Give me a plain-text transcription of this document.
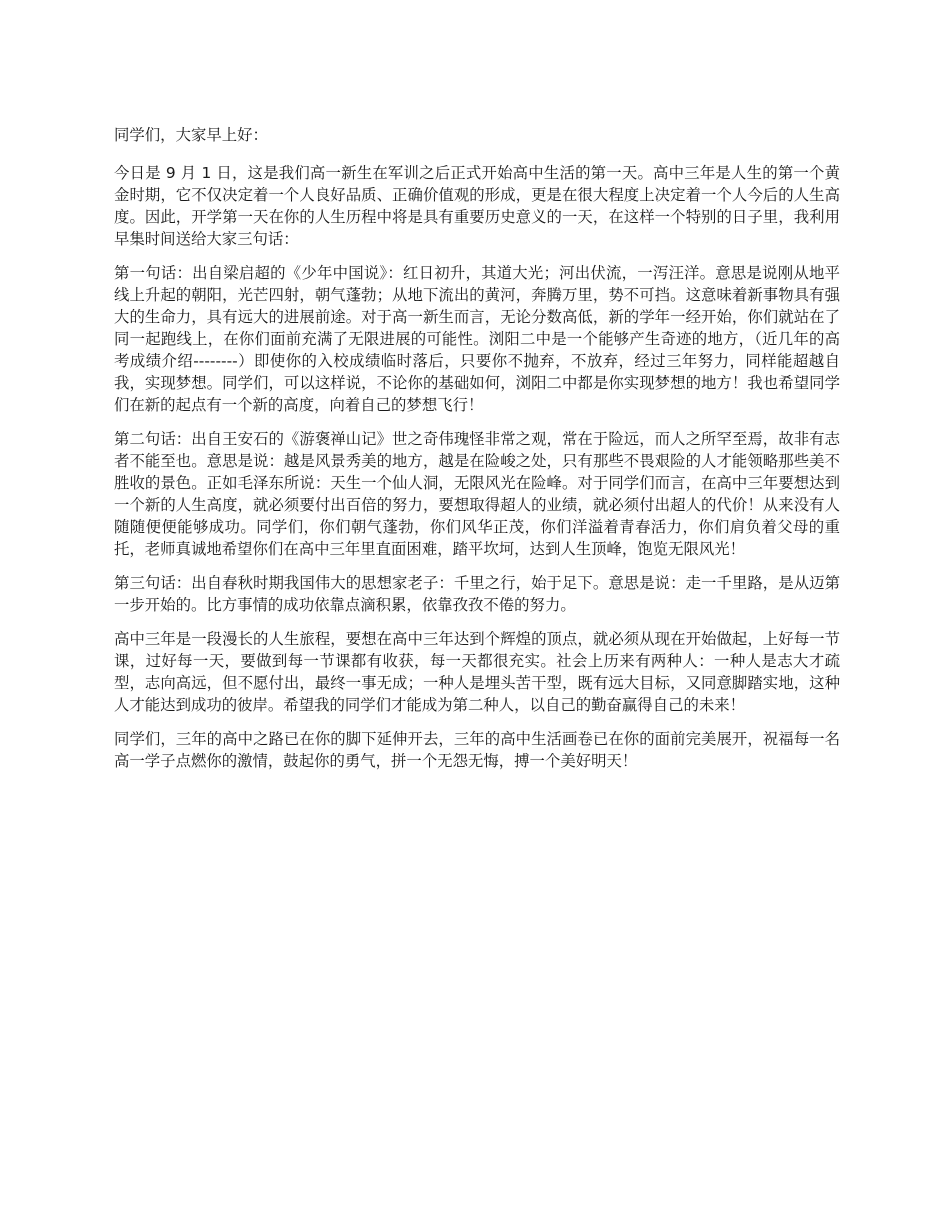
同学们，大家早上好：

今日是 9 月 1 日，这是我们高一新生在军训之后正式开始高中生活的第一天。高中三年是人生的第一个黄金时期，它不仅决定着一个人良好品质、正确价值观的形成，更是在很大程度上决定着一个人今后的人生高度。因此，开学第一天在你的人生历程中将是具有重要历史意义的一天，在这样一个特别的日子里，我利用早集时间送给大家三句话：

第一句话：出自梁启超的《少年中国说》：红日初升，其道大光；河出伏流，一泻汪洋。意思是说刚从地平线上升起的朝阳，光芒四射，朝气蓬勃；从地下流出的黄河，奔腾万里，势不可挡。这意味着新事物具有强大的生命力，具有远大的进展前途。对于高一新生而言，无论分数高低，新的学年一经开始，你们就站在了同一起跑线上，在你们面前充满了无限进展的可能性。浏阳二中是一个能够产生奇迹的地方，（近几年的高考成绩介绍--------）即使你的入校成绩临时落后，只要你不抛弃，不放弃，经过三年努力，同样能超越自我，实现梦想。同学们，可以这样说，不论你的基础如何，浏阳二中都是你实现梦想的地方！我也希望同学们在新的起点有一个新的高度，向着自己的梦想飞行！

第二句话：出自王安石的《游褒禅山记》世之奇伟瑰怪非常之观，常在于险远，而人之所罕至焉，故非有志者不能至也。意思是说：越是风景秀美的地方，越是在险峻之处，只有那些不畏艰险的人才能领略那些美不胜收的景色。正如毛泽东所说：天生一个仙人洞，无限风光在险峰。对于同学们而言，在高中三年要想达到一个新的人生高度，就必须要付出百倍的努力，要想取得超人的业绩，就必须付出超人的代价！从来没有人随随便便能够成功。同学们，你们朝气蓬勃，你们风华正茂，你们洋溢着青春活力，你们肩负着父母的重托，老师真诚地希望你们在高中三年里直面困难，踏平坎坷，达到人生顶峰，饱览无限风光！

第三句话：出自春秋时期我国伟大的思想家老子：千里之行，始于足下。意思是说：走一千里路，是从迈第一步开始的。比方事情的成功依靠点滴积累，依靠孜孜不倦的努力。

高中三年是一段漫长的人生旅程，要想在高中三年达到个辉煌的顶点，就必须从现在开始做起，上好每一节课，过好每一天，要做到每一节课都有收获，每一天都很充实。社会上历来有两种人：一种人是志大才疏型，志向高远，但不愿付出，最终一事无成；一种人是埋头苦干型，既有远大目标，又同意脚踏实地，这种人才能达到成功的彼岸。希望我的同学们才能成为第二种人，以自己的勤奋赢得自己的未来！

同学们，三年的高中之路已在你的脚下延伸开去，三年的高中生活画卷已在你的面前完美展开，祝福每一名高一学子点燃你的激情，鼓起你的勇气，拼一个无怨无悔，搏一个美好明天！
